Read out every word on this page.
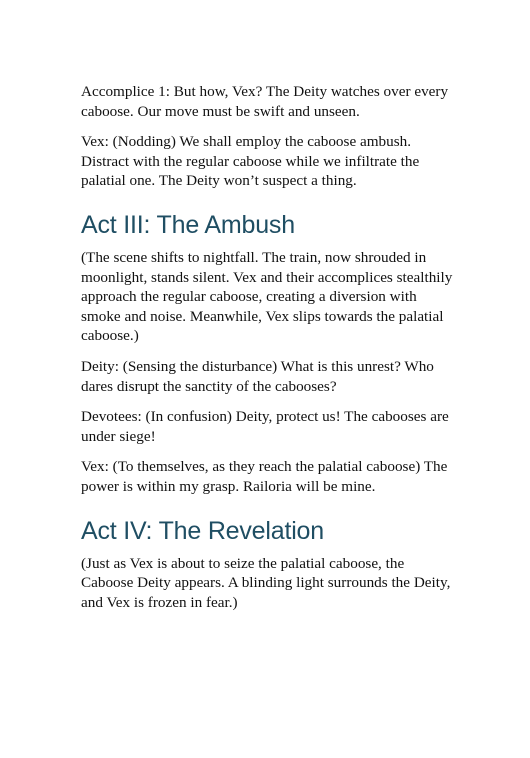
Accomplice 1: But how, Vex? The Deity watches over every caboose. Our move must be swift and unseen.

Vex: (Nodding) We shall employ the caboose ambush. Distract with the regular caboose while we infiltrate the palatial one. The Deity won’t suspect a thing.

Act III: The Ambush

(The scene shifts to nightfall. The train, now shrouded in moonlight, stands silent. Vex and their accomplices stealthily approach the regular caboose, creating a diversion with smoke and noise. Meanwhile, Vex slips towards the palatial caboose.)

Deity: (Sensing the disturbance) What is this unrest? Who dares disrupt the sanctity of the cabooses?

Devotees: (In confusion) Deity, protect us! The cabooses are under siege!

Vex: (To themselves, as they reach the palatial caboose) The power is within my grasp. Railoria will be mine.

Act IV: The Revelation

(Just as Vex is about to seize the palatial caboose, the Caboose Deity appears. A blinding light surrounds the Deity, and Vex is frozen in fear.)
